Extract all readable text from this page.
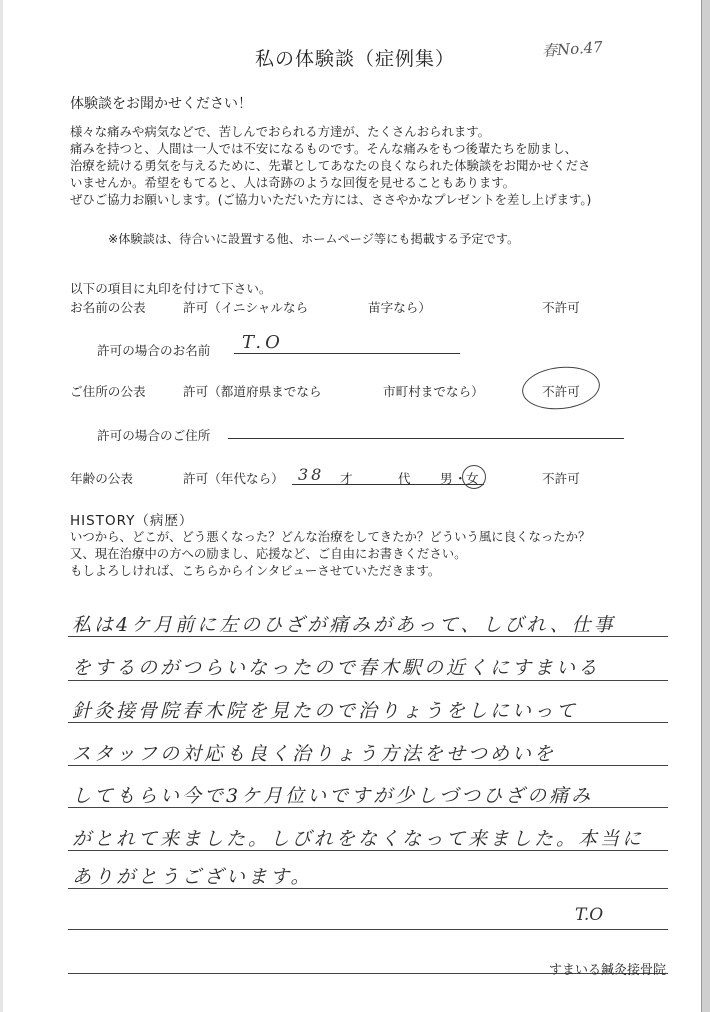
私の体験談（症例集）	春No.47
体験談をお聞かせください！
様々な痛みや病気などで、苦しんでおられる方達が、たくさんおられます。
痛みを持つと、人間は一人では不安になるものです。そんな痛みをもつ後輩たちを励まし、
治療を続ける勇気を与えるために、先輩としてあなたの良くなられた体験談をお聞かせくださ
いませんか。希望をもてると、人は奇跡のような回復を見せることもあります。
ぜひご協力お願いします。(ご協力いただいた方には、ささやかなプレゼントを差し上げます。)
※体験談は、待合いに設置する他、ホームページ等にも掲載する予定です。
以下の項目に丸印を付けて下さい。
お名前の公表	許可（イニシャルなら	苗字なら）	不許可
許可の場合のお名前 T.O
ご住所の公表	許可（都道府県までなら	市町村までなら）	不許可
許可の場合のご住所
年齢の公表	許可（年代なら） 38 才	代 男 ・ 女	不許可
HISTORY（病歴）
いつから、どこが、どう悪くなった？どんな治療をしてきたか？どういう風に良くなったか？
又、現在治療中の方への励まし、応援など、ご自由にお書きください。
もしよろしければ、こちらからインタビューさせていただきます。
私は4ケ月前に左のひざが痛みがあって、しびれ、仕事
をするのがつらいなったので春木駅の近くにすまいる
針灸接骨院春木院を見たので治りょうをしにいって
スタッフの対応も良く治りょう方法をせつめいを
してもらい今で3ケ月位いですが少しづつひざの痛み
がとれて来ました。しびれをなくなって来ました。本当に
ありがとうございます。
T.O
すまいる鍼灸接骨院
